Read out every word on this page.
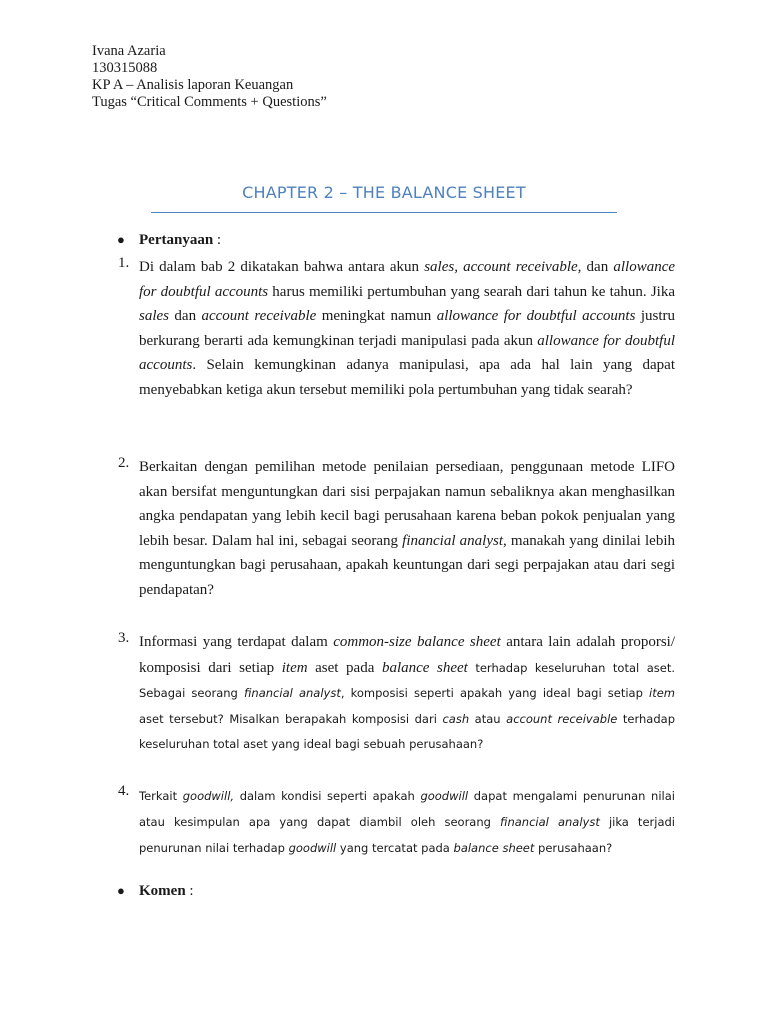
Ivana Azaria
130315088
KP A – Analisis laporan Keuangan
Tugas “Critical Comments + Questions”
CHAPTER 2 – THE BALANCE SHEET
● Pertanyaan :
1. Di dalam bab 2 dikatakan bahwa antara akun sales, account receivable, dan allowance for doubtful accounts harus memiliki pertumbuhan yang searah dari tahun ke tahun. Jika sales dan account receivable meningkat namun allowance for doubtful accounts justru berkurang berarti ada kemungkinan terjadi manipulasi pada akun allowance for doubtful accounts. Selain kemungkinan adanya manipulasi, apa ada hal lain yang dapat menyebabkan ketiga akun tersebut memiliki pola pertumbuhan yang tidak searah?
2. Berkaitan dengan pemilihan metode penilaian persediaan, penggunaan metode LIFO akan bersifat menguntungkan dari sisi perpajakan namun sebaliknya akan menghasilkan angka pendapatan yang lebih kecil bagi perusahaan karena beban pokok penjualan yang lebih besar. Dalam hal ini, sebagai seorang financial analyst, manakah yang dinilai lebih menguntungkan bagi perusahaan, apakah keuntungan dari segi perpajakan atau dari segi pendapatan?
3. Informasi yang terdapat dalam common-size balance sheet antara lain adalah proporsi/ komposisi dari setiap item aset pada balance sheet terhadap keseluruhan total aset. Sebagai seorang financial analyst, komposisi seperti apakah yang ideal bagi setiap item aset tersebut? Misalkan berapakah komposisi dari cash atau account receivable terhadap keseluruhan total aset yang ideal bagi sebuah perusahaan?
4. Terkait goodwill, dalam kondisi seperti apakah goodwill dapat mengalami penurunan nilai atau kesimpulan apa yang dapat diambil oleh seorang financial analyst jika terjadi penurunan nilai terhadap goodwill yang tercatat pada balance sheet perusahaan?
● Komen :
